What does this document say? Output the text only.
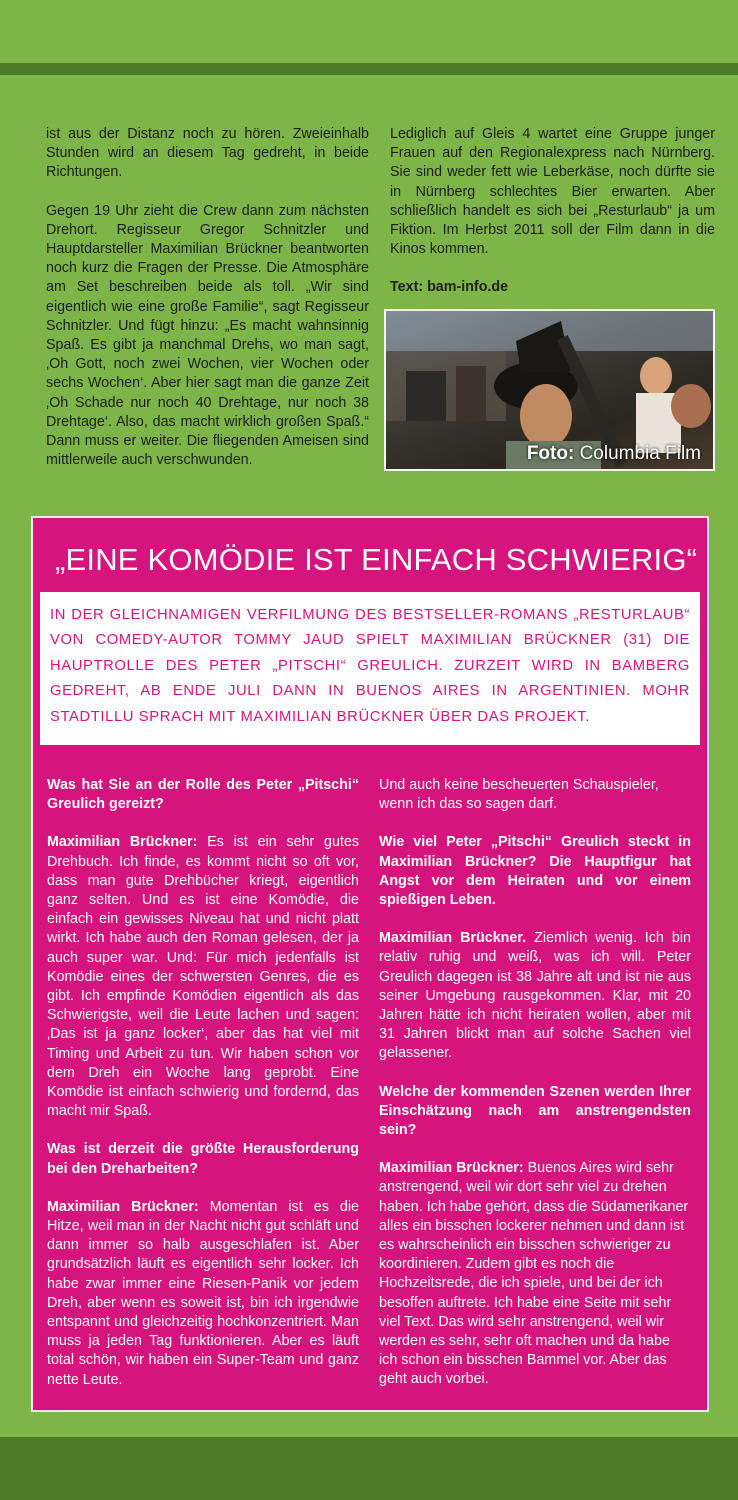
ist aus der Distanz noch zu hören. Zweieinhalb Stunden wird an diesem Tag gedreht, in beide Richtungen.

Gegen 19 Uhr zieht die Crew dann zum nächsten Drehort. Regisseur Gregor Schnitzler und Hauptdarsteller Maximilian Brückner beantworten noch kurz die Fragen der Presse. Die Atmosphäre am Set beschreiben beide als toll. „Wir sind eigentlich wie eine große Familie“, sagt Regisseur Schnitzler. Und fügt hinzu: „Es macht wahnsinnig Spaß. Es gibt ja manchmal Drehs, wo man sagt, ‚Oh Gott, noch zwei Wochen, vier Wochen oder sechs Wochen‘. Aber hier sagt man die ganze Zeit ‚Oh Schade nur noch 40 Drehtage, nur noch 38 Drehtage‘. Also, das macht wirklich großen Spaß.“ Dann muss er weiter. Die fliegenden Ameisen sind mittlerweile auch verschwunden.

Lediglich auf Gleis 4 wartet eine Gruppe junger Frauen auf den Regionalexpress nach Nürnberg. Sie sind weder fett wie Leberkäse, noch dürfte sie in Nürnberg schlechtes Bier erwarten. Aber schließlich handelt es sich bei „Resturlaub“ ja um Fiktion. Im Herbst 2011 soll der Film dann in die Kinos kommen.

Text: bam-info.de

Foto: Columbia Film
„EINE KOMÖDIE IST EINFACH SCHWIERIG“

IN DER GLEICHNAMIGEN VERFILMUNG DES BESTSELLER-ROMANS „RESTURLAUB“ VON COMEDY-AUTOR TOMMY JAUD SPIELT MAXIMILIAN BRÜCKNER (31) DIE HAUPTROLLE DES PETER „PITSCHI“ GREULICH. ZURZEIT WIRD IN BAMBERG GEDREHT, AB ENDE JULI DANN IN BUENOS AIRES IN ARGENTINIEN. MOHR STADTILLU SPRACH MIT MAXIMILIAN BRÜCKNER ÜBER DAS PROJEKT.

Was hat Sie an der Rolle des Peter „Pitschi“ Greulich gereizt?

Maximilian Brückner: Es ist ein sehr gutes Drehbuch. Ich finde, es kommt nicht so oft vor, dass man gute Drehbücher kriegt, eigentlich ganz selten. Und es ist eine Komödie, die einfach ein gewisses Niveau hat und nicht platt wirkt. Ich habe auch den Roman gelesen, der ja auch super war. Und: Für mich jedenfalls ist Komödie eines der schwersten Genres, die es gibt. Ich empfinde Komödien eigentlich als das Schwierigste, weil die Leute lachen und sagen: ‚Das ist ja ganz locker‘, aber das hat viel mit Timing und Arbeit zu tun. Wir haben schon vor dem Dreh ein Woche lang geprobt. Eine Komödie ist einfach schwierig und fordernd, das macht mir Spaß.

Was ist derzeit die größte Herausforderung bei den Dreharbeiten?

Maximilian Brückner: Momentan ist es die Hitze, weil man in der Nacht nicht gut schläft und dann immer so halb ausgeschlafen ist. Aber grundsätzlich läuft es eigentlich sehr locker. Ich habe zwar immer eine Riesen-Panik vor jedem Dreh, aber wenn es soweit ist, bin ich irgendwie entspannt und gleichzeitig hochkonzentriert. Man muss ja jeden Tag funktionieren. Aber es läuft total schön, wir haben ein Super-Team und ganz nette Leute.

Und auch keine bescheuerten Schauspieler, wenn ich das so sagen darf.

Wie viel Peter „Pitschi“ Greulich steckt in Maximilian Brückner? Die Hauptfigur hat Angst vor dem Heiraten und vor einem spießigen Leben.

Maximilian Brückner. Ziemlich wenig. Ich bin relativ ruhig und weiß, was ich will. Peter Greulich dagegen ist 38 Jahre alt und ist nie aus seiner Umgebung rausgekommen. Klar, mit 20 Jahren hätte ich nicht heiraten wollen, aber mit 31 Jahren blickt man auf solche Sachen viel gelassener.

Welche der kommenden Szenen werden Ihrer Einschätzung nach am anstrengendsten sein?

Maximilian Brückner: Buenos Aires wird sehr anstrengend, weil wir dort sehr viel zu drehen haben. Ich habe gehört, dass die Südamerikaner alles ein bisschen lockerer nehmen und dann ist es wahrscheinlich ein bisschen schwieriger zu koordinieren. Zudem gibt es noch die Hochzeitsrede, die ich spiele, und bei der ich besoffen auftrete. Ich habe eine Seite mit sehr viel Text. Das wird sehr anstrengend, weil wir werden es sehr, sehr oft machen und da habe ich schon ein bisschen Bammel vor. Aber das geht auch vorbei.
